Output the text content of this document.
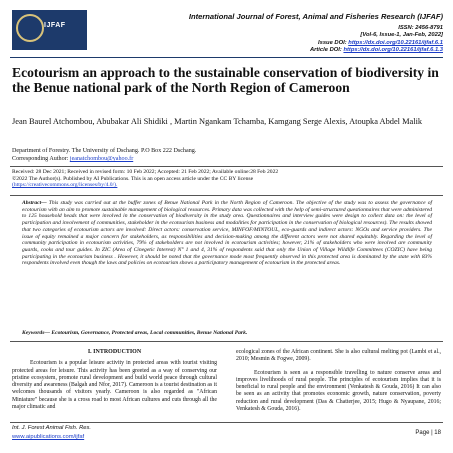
IJFAF
International Journal of Forest, Animal and Fisheries Research (IJFAF)
ISSN: 2456-8791
[Vol-6, Issue-1, Jan-Feb, 2022]
Issue DOI: https://dx.doi.org/10.22161/ijfaf.6.1
Article DOI: https://dx.doi.org/10.22161/ijfaf.6.1.3
Ecotourism an approach to the sustainable conservation of biodiversity in the Benue national park of the North Region of Cameroon
Jean Baurel Atchombou, Abubakar Ali Shidiki , Martin Ngankam Tchamba, Kamgang Serge Alexis, Atoupka Abdel Malik
Department of Forestry. The University of Dschang. P.O Box 222 Dschang.
Corresponding Author: jeanatchombou@yahoo.fr
Received: 28 Dec 2021; Received in revised form: 10 Feb 2022; Accepted: 21 Feb 2022; Available online:28 Feb 2022
©2022 The Author(s). Published by AI Publications. This is an open access article under the CC BY license
(https://creativecommons.org/licenses/by/4.0/).
Abstract— This study was carried out at the buffer zones of Benue National Park in the North Region of Cameroon. The objective of the study was to assess the governance of ecotourism with an aim to promote sustainable management of biological resources. Primary data was collected with the help of semi-structured questionnaires that were administered to 125 household heads that were involved in the conservation of biodiversity in the study area. Questionnaires and interview guides were design to collect data on: the level of participation and involvement of communities, stakeholder in the ecotourism business and modalities for participation in the conservation of biological resources). The results showed that two categories of ecotourism actors are involved: Direct actors: conservation service, MINFOF/MINTOUL, eco-guards and indirect actors: NGOs and service providers. The issue of equity remained a major concern for stakeholders, as responsibilities and decision-making among the different actors were not shared equitably. Regarding the level of community participation in ecotourism activities, 79% of stakeholders are not involved in ecotourism activities; however, 21% of stakeholders who were involved are community guards, cooks and tour guides. In ZIC (Area of Cinegetic Interest) N° 1 and 4, 31% of respondents said that only the Union of Village Wildlife Committees (COZIC) have being participating in the ecotourism business . However, it should be noted that the governance mode most frequently observed in this protected area is dominated by the state with 83% respondents involved even though the laws and policies on ecotourism shows a participatory management of ecotourism in the protected areas.
Keywords— Ecotourism, Governance, Protected areas, Local communities, Benue National Park.
I. INTRODUCTION

Ecotourism is a popular leisure activity in protected areas with tourist visiting protected areas for leisure. This activity has been greeted as a way of conserving our pristine ecosystem, promote rural development and build world peace through cultural diversity and awareness (Balgah and Nfor, 2017). Cameroon is a tourist destination as it welcomes thousands of visitors yearly. Cameroon is also regarded as "African Miniature" because she is a cross road to most African cultures and cuts through all the major climatic and

ecological zones of the African continent. She is also cultural melting pot (Lambi et al., 2010; Mesmin & Fogwe, 2009).

Ecotourism is seen as a responsible travelling to nature conserve areas and improves livelihoods of rural people. The principles of ecotourism implies that it is beneficial to rural people and the environment (Venkatesh & Gouda, 2016) It can also be seen as an activity that promotes economic growth, nature conservation, poverty reduction and rural development (Das & Chatterjee, 2015; Hugo & Nyaupane, 2016; Venkatesh & Gouda, 2016).

Int. J. Forest Animal Fish. Res.
www.aipublications.com/ijfaf
Page | 18
